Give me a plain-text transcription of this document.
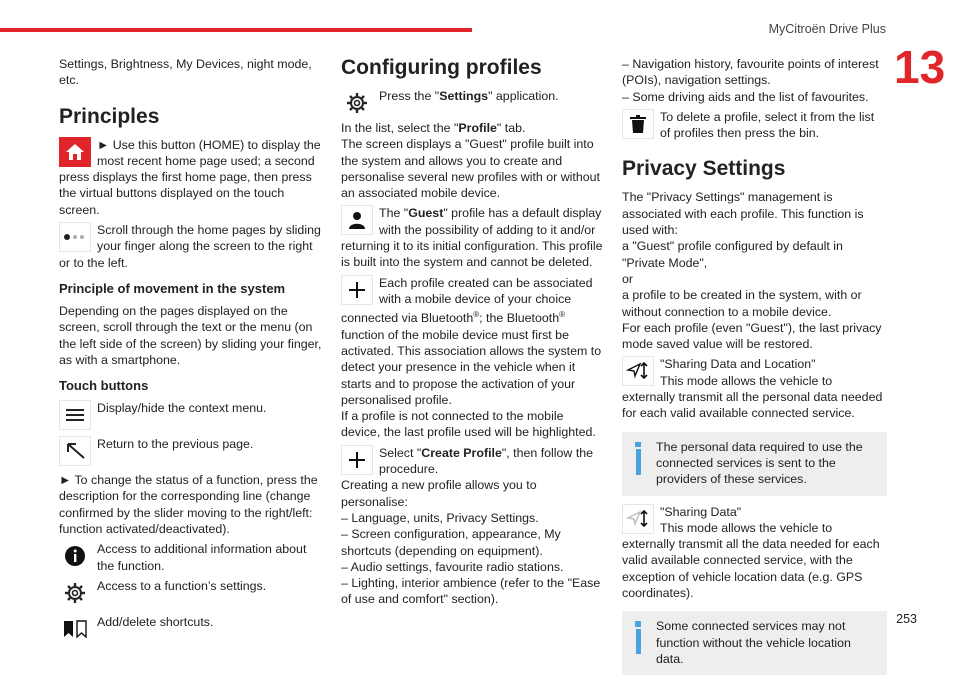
MyCitroën Drive Plus
13

Settings, Brightness, My Devices, night mode, etc.

Principles
► Use this button (HOME) to display the most recent home page used; a second press displays the first home page, then press the virtual buttons displayed on the touch screen.
Scroll through the home pages by sliding your finger along the screen to the right or to the left.
Principle of movement in the system

Depending on the pages displayed on the screen, scroll through the text or the menu (on the left side of the screen) by sliding your finger, as with a smartphone.

Touch buttons
Display/hide the context menu.
Return to the previous page.

► To change the status of a function, press the description for the corresponding line (change confirmed by the slider moving to the right/left: function activated/deactivated).

Access to additional information about the function.
Access to a function’s settings.
Add/delete shortcuts.
Configuring profiles
Press the "Settings" application.

In the list, select the "Profile" tab.

The screen displays a "Guest" profile built into the system and allows you to create and personalise several new profiles with or without an associated mobile device.

The "Guest" profile has a default display with the possibility of adding to it and/or returning it to its initial configuration. This profile is built into the system and cannot be deleted.
Each profile created can be associated with a mobile device of your choice connected via Bluetooth®; the Bluetooth® function of the mobile device must first be activated. This association allows the system to detect your presence in the vehicle when it starts and to propose the activation of your personalised profile.

If a profile is not connected to the mobile device, the last profile used will be highlighted.

Select "Create Profile", then follow the procedure.

Creating a new profile allows you to personalise:

– Language, units, Privacy Settings.

– Screen configuration, appearance, My shortcuts (depending on equipment).

– Audio settings, favourite radio stations.

– Lighting, interior ambience (refer to the "Ease of use and comfort" section).

– Navigation history, favourite points of interest (POIs), navigation settings.

– Some driving aids and the list of favourites.

To delete a profile, select it from the list of profiles then press the bin.
Privacy Settings

The "Privacy Settings" management is associated with each profile. This function is used with:

a "Guest" profile configured by default in "Private Mode",

or

a profile to be created in the system, with or without connection to a mobile device.

For each profile (even "Guest"), the last privacy mode saved value will be restored.

"Sharing Data and Location"
This mode allows the vehicle to externally transmit all the personal data needed for each valid available connected service.
The personal data required to use the connected services is sent to the providers of these services.
"Sharing Data"
This mode allows the vehicle to externally transmit all the data needed for each valid available connected service, with the exception of vehicle location data (e.g. GPS coordinates).
Some connected services may not function without the vehicle location data.
253
